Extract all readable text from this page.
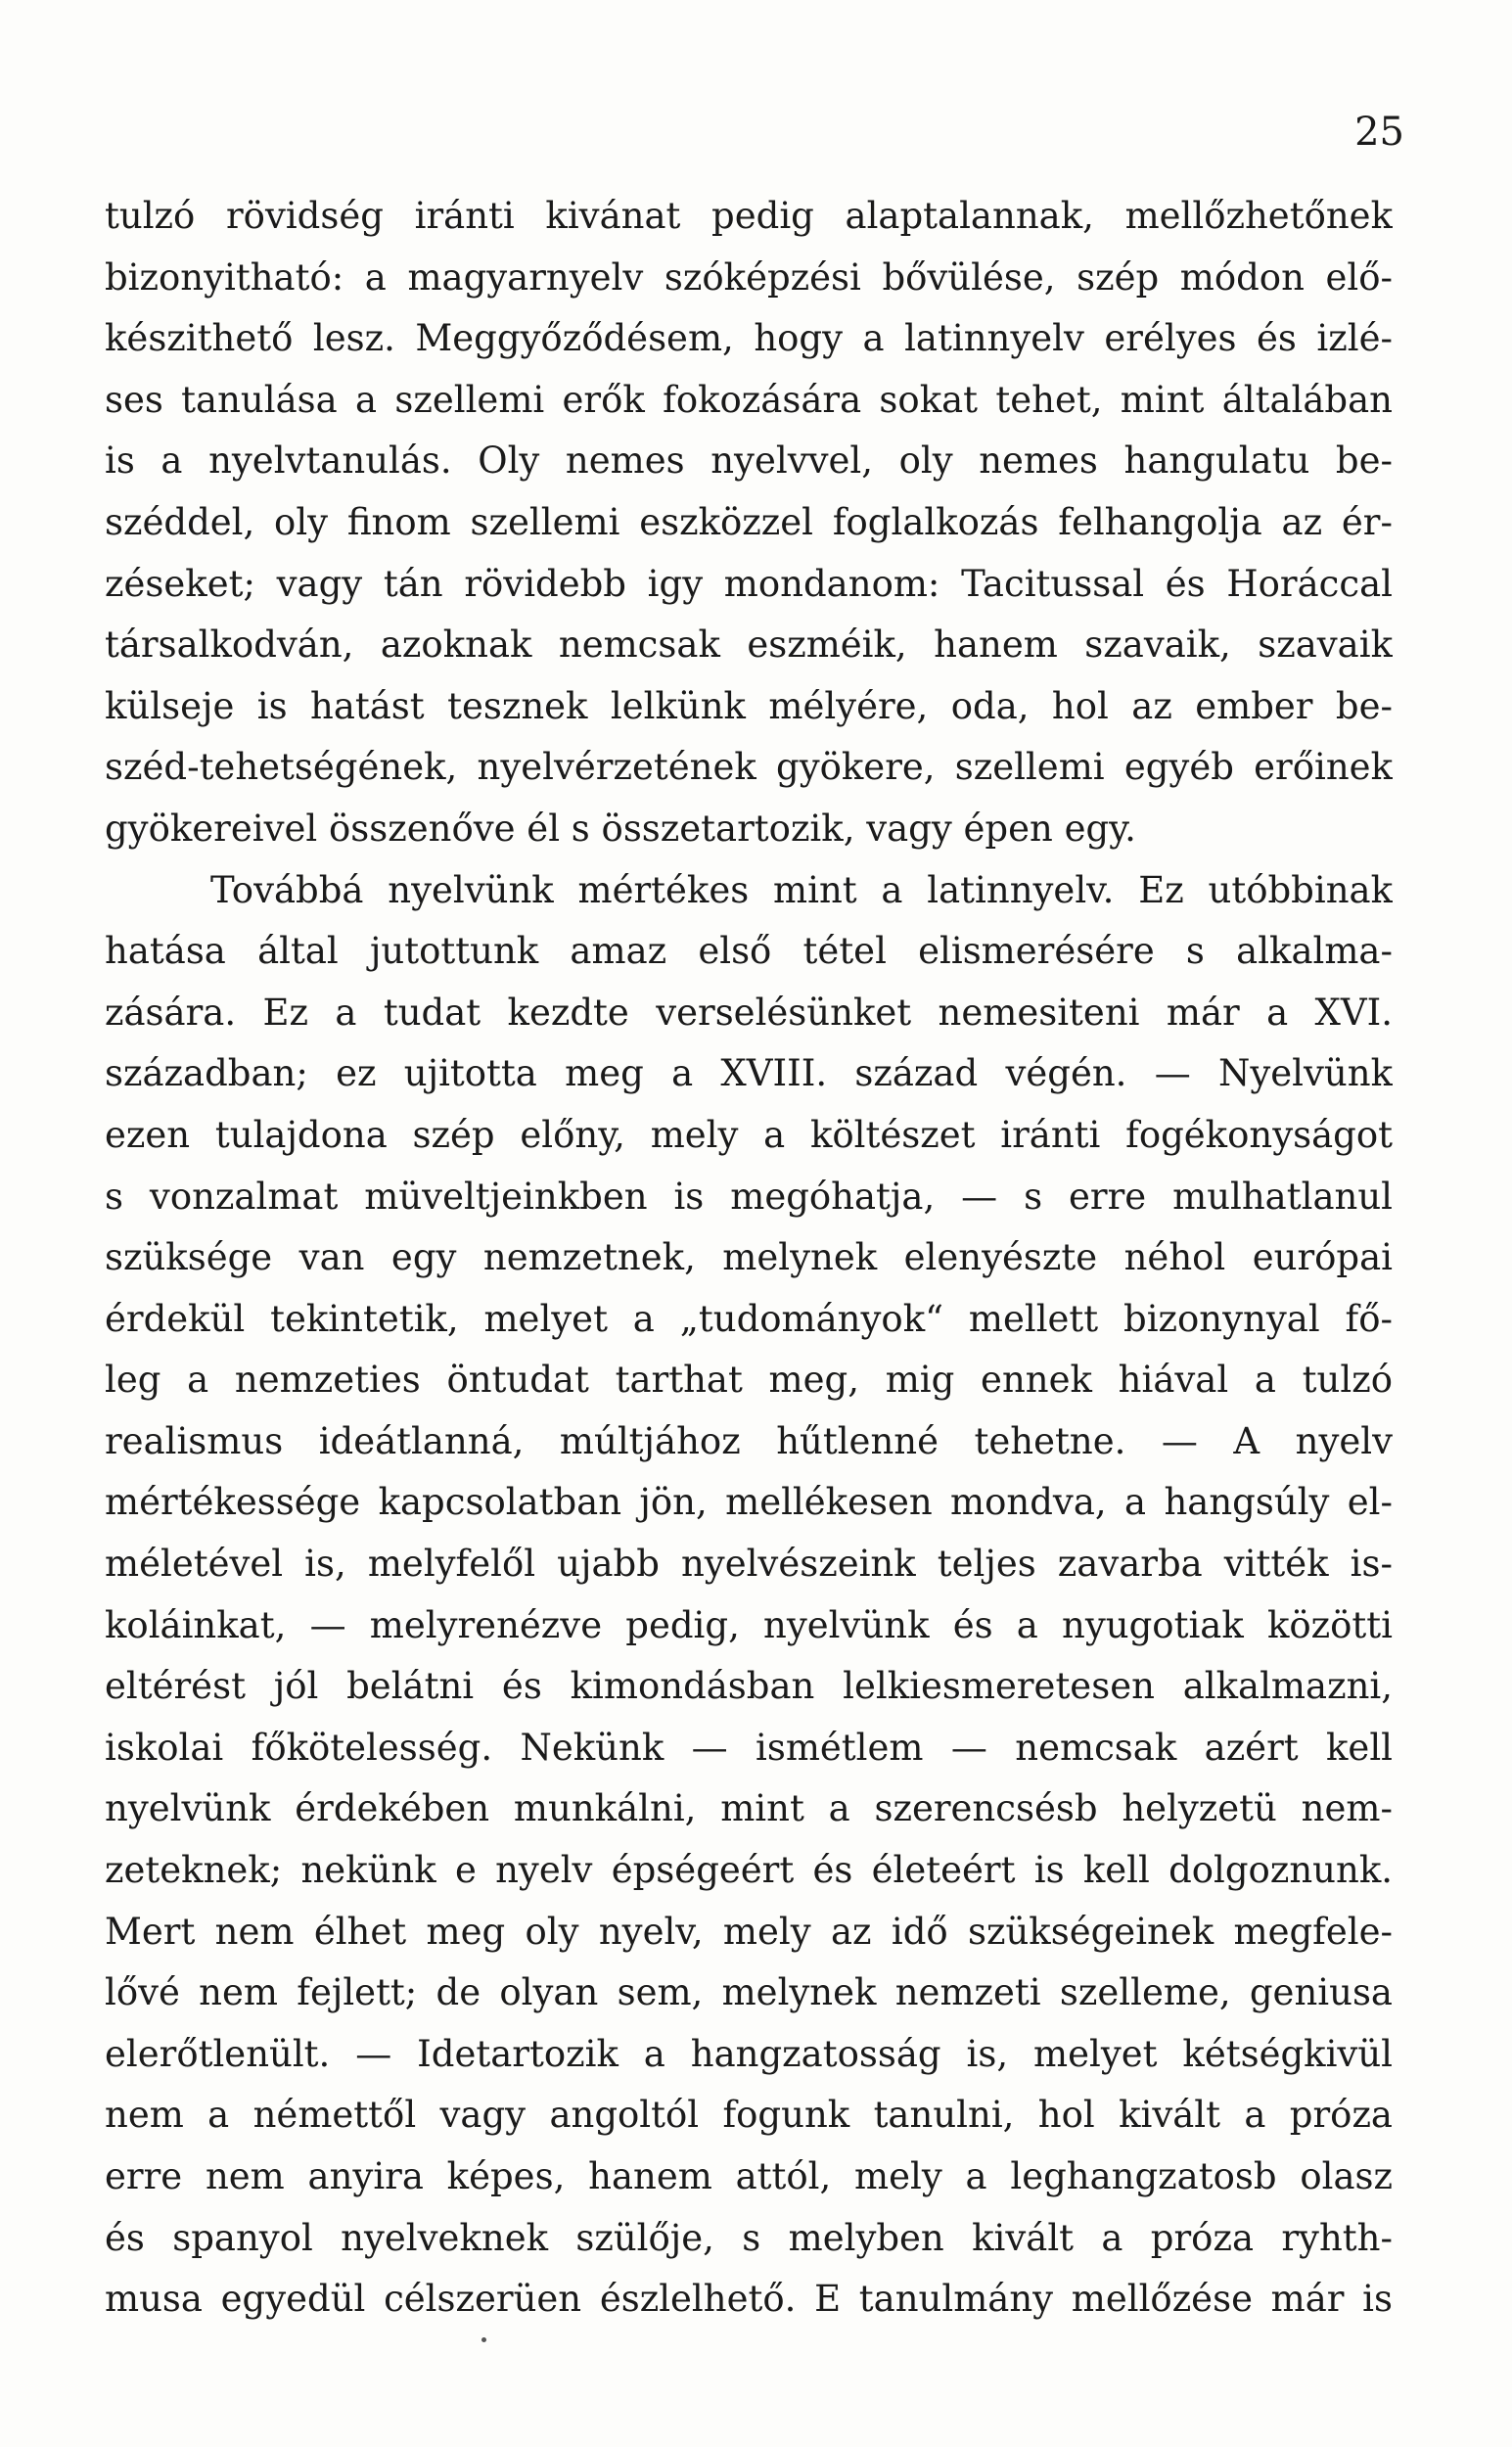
25
tulzó rövidség iránti kivánat pedig alaptalannak, mellőzhetőnek
bizonyitható: a magyarnyelv szóképzési bővülése, szép módon elő-
készithető lesz. Meggyőződésem, hogy a latinnyelv erélyes és izlé-
ses tanulása a szellemi erők fokozására sokat tehet, mint általában
is a nyelvtanulás. Oly nemes nyelvvel, oly nemes hangulatu be-
széddel, oly finom szellemi eszközzel foglalkozás felhangolja az ér-
zéseket; vagy tán rövidebb igy mondanom: Tacitussal és Horáccal
társalkodván, azoknak nemcsak eszméik, hanem szavaik, szavaik
külseje is hatást tesznek lelkünk mélyére, oda, hol az ember be-
széd-tehetségének, nyelvérzetének gyökere, szellemi egyéb erőinek
gyökereivel összenőve él s összetartozik, vagy épen egy.
Továbbá nyelvünk mértékes mint a latinnyelv. Ez utóbbinak
hatása által jutottunk amaz első tétel elismerésére s alkalma-
zására. Ez a tudat kezdte verselésünket nemesiteni már a XVI.
században; ez ujitotta meg a XVIII. század végén. — Nyelvünk
ezen tulajdona szép előny, mely a költészet iránti fogékonyságot
s vonzalmat müveltjeinkben is megóhatja, — s erre mulhatlanul
szüksége van egy nemzetnek, melynek elenyészte néhol európai
érdekül tekintetik, melyet a „tudományok“ mellett bizonynyal fő-
leg a nemzeties öntudat tarthat meg, mig ennek hiával a tulzó
realismus ideátlanná, múltjához hűtlenné tehetne. — A nyelv
mértékessége kapcsolatban jön, mellékesen mondva, a hangsúly el-
méletével is, melyfelől ujabb nyelvészeink teljes zavarba vitték is-
koláinkat, — melyrenézve pedig, nyelvünk és a nyugotiak közötti
eltérést jól belátni és kimondásban lelkiesmeretesen alkalmazni,
iskolai főkötelesség. Nekünk — ismétlem — nemcsak azért kell
nyelvünk érdekében munkálni, mint a szerencsésb helyzetü nem-
zeteknek; nekünk e nyelv épségeért és életeért is kell dolgoznunk.
Mert nem élhet meg oly nyelv, mely az idő szükségeinek megfele-
lővé nem fejlett; de olyan sem, melynek nemzeti szelleme, geniusa
elerőtlenült. — Idetartozik a hangzatosság is, melyet kétségkivül
nem a némettől vagy angoltól fogunk tanulni, hol kivált a próza
erre nem anyira képes, hanem attól, mely a leghangzatosb olasz
és spanyol nyelveknek szülője, s melyben kivált a próza ryhth-
musa egyedül célszerüen észlelhető. E tanulmány mellőzése már is
